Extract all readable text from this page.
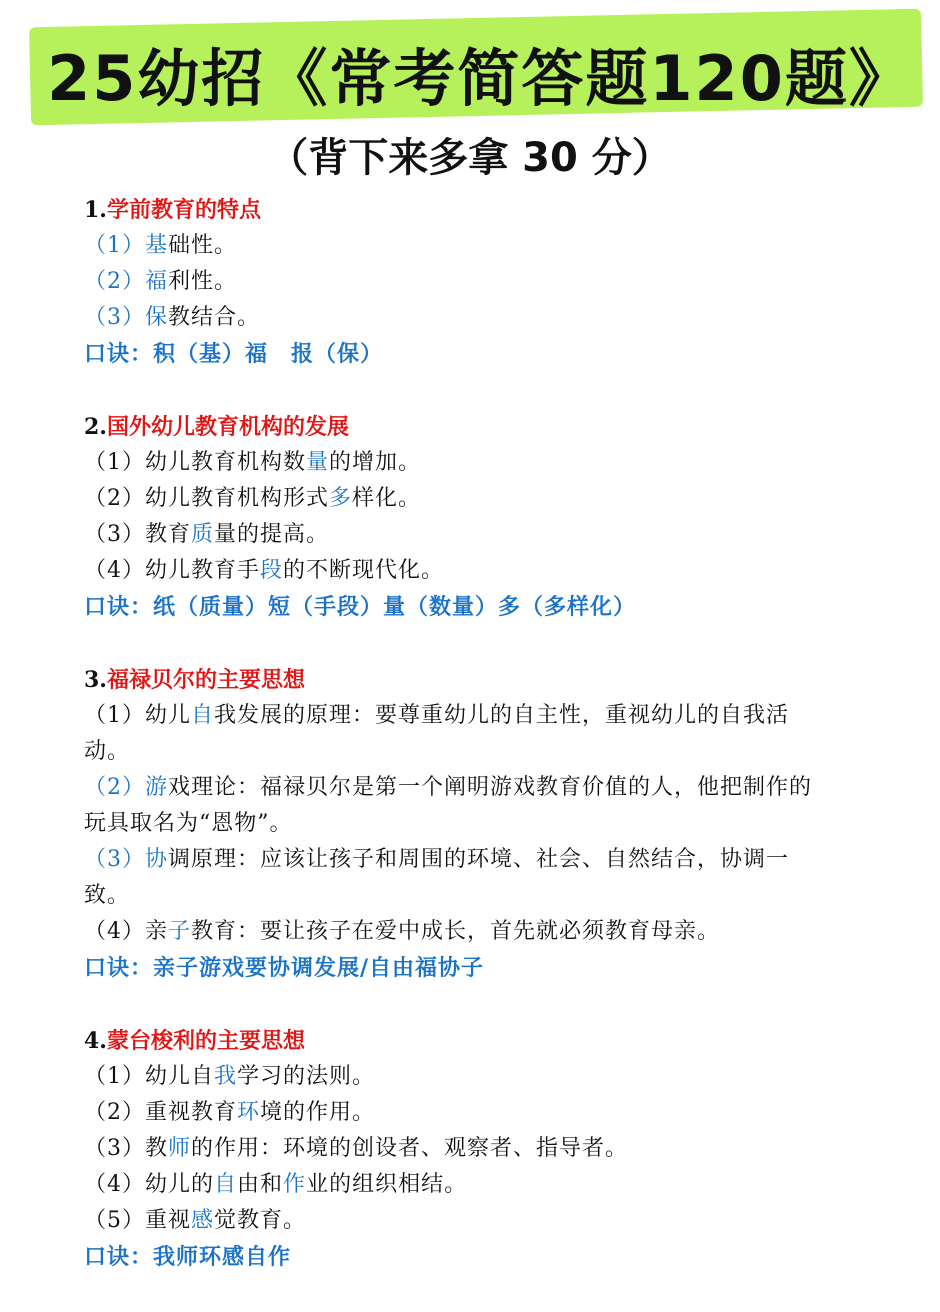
25幼招《常考简答题120题》
（背下来多拿 30 分）
1.学前教育的特点
（1）基础性。
（2）福利性。
（3）保教结合。
口诀：积（基）福　报（保）
2.国外幼儿教育机构的发展
（1）幼儿教育机构数量的增加。
（2）幼儿教育机构形式多样化。
（3）教育质量的提高。
（4）幼儿教育手段的不断现代化。
口诀：纸（质量）短（手段）量（数量）多（多样化）
3.福禄贝尔的主要思想
（1）幼儿自我发展的原理：要尊重幼儿的自主性，重视幼儿的自我活动。
（2）游戏理论：福禄贝尔是第一个阐明游戏教育价值的人，他把制作的玩具取名为“恩物”。
（3）协调原理：应该让孩子和周围的环境、社会、自然结合，协调一致。
（4）亲子教育：要让孩子在爱中成长，首先就必须教育母亲。
口诀：亲子游戏要协调发展/自由福协子
4.蒙台梭利的主要思想
（1）幼儿自我学习的法则。
（2）重视教育环境的作用。
（3）教师的作用：环境的创设者、观察者、指导者。
（4）幼儿的自由和作业的组织相结。
（5）重视感觉教育。
口诀：我师环感自作
